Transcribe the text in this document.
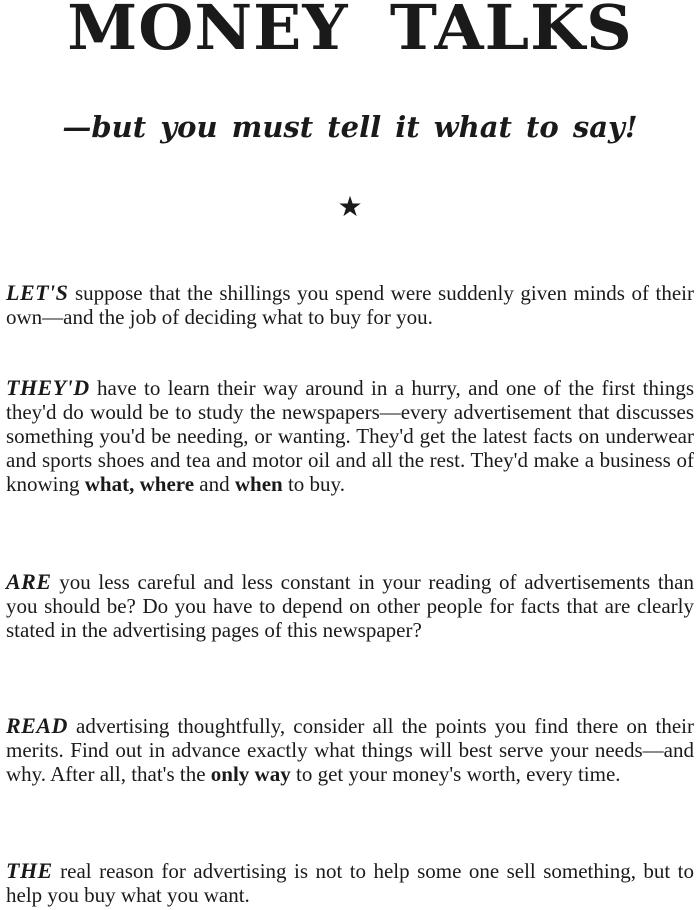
MONEY TALKS
—but you must tell it what to say!
★

LET'S suppose that the shillings you spend were suddenly given minds of their own—and the job of deciding what to buy for you.

THEY'D have to learn their way around in a hurry, and one of the first things they'd do would be to study the newspapers—every advertisement that discusses something you'd be needing, or wanting. They'd get the latest facts on underwear and sports shoes and tea and motor oil and all the rest. They'd make a business of knowing what, where and when to buy.

ARE you less careful and less constant in your reading of advertisements than you should be? Do you have to depend on other people for facts that are clearly stated in the advertising pages of this newspaper?

READ advertising thoughtfully, consider all the points you find there on their merits. Find out in advance exactly what things will best serve your needs—and why. After all, that's the only way to get your money's worth, every time.

THE real reason for advertising is not to help some one sell something, but to help you buy what you want.
